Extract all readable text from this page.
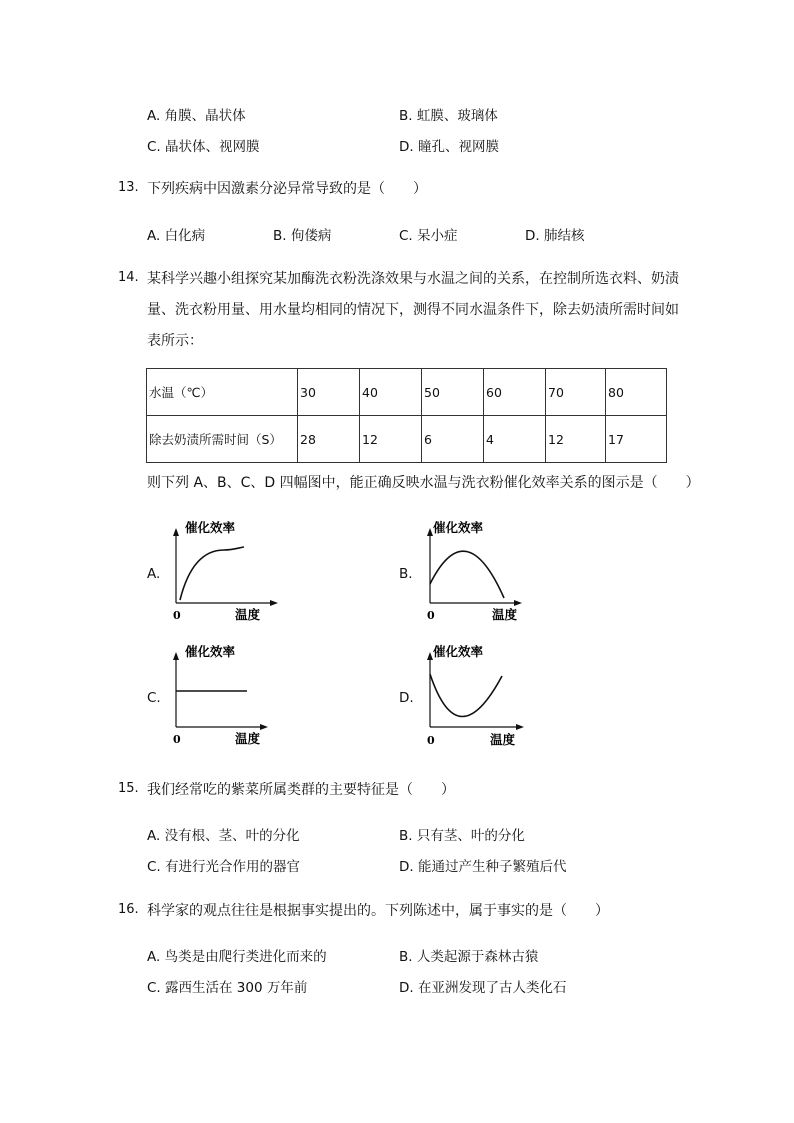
A. 角膜、晶状体	B. 虹膜、玻璃体
C. 晶状体、视网膜	D. 瞳孔、视网膜
13. 下列疾病中因激素分泌异常导致的是（　　）
A. 白化病	B. 佝偻病	C. 呆小症	D. 肺结核
14. 某科学兴趣小组探究某加酶洗衣粉洗涤效果与水温之间的关系，在控制所选衣料、奶渍
量、洗衣粉用量、用水量均相同的情况下，测得不同水温条件下，除去奶渍所需时间如
表所示：
水温（℃）	30	40	50	60	70	80
除去奶渍所需时间（S）	28	12	6	4	12	17
则下列 A、B、C、D 四幅图中，能正确反映水温与洗衣粉催化效率关系的图示是（　　）
A.
催化效率
0	温度
B.
催化效率
0	温度
C.
催化效率
0	温度
D.
催化效率
0	温度
15. 我们经常吃的紫菜所属类群的主要特征是（　　）
A. 没有根、茎、叶的分化	B. 只有茎、叶的分化
C. 有进行光合作用的器官	D. 能通过产生种子繁殖后代
16. 科学家的观点往往是根据事实提出的。下列陈述中，属于事实的是（　　）
A. 鸟类是由爬行类进化而来的	B. 人类起源于森林古猿
C. 露西生活在 300 万年前	D. 在亚洲发现了古人类化石
